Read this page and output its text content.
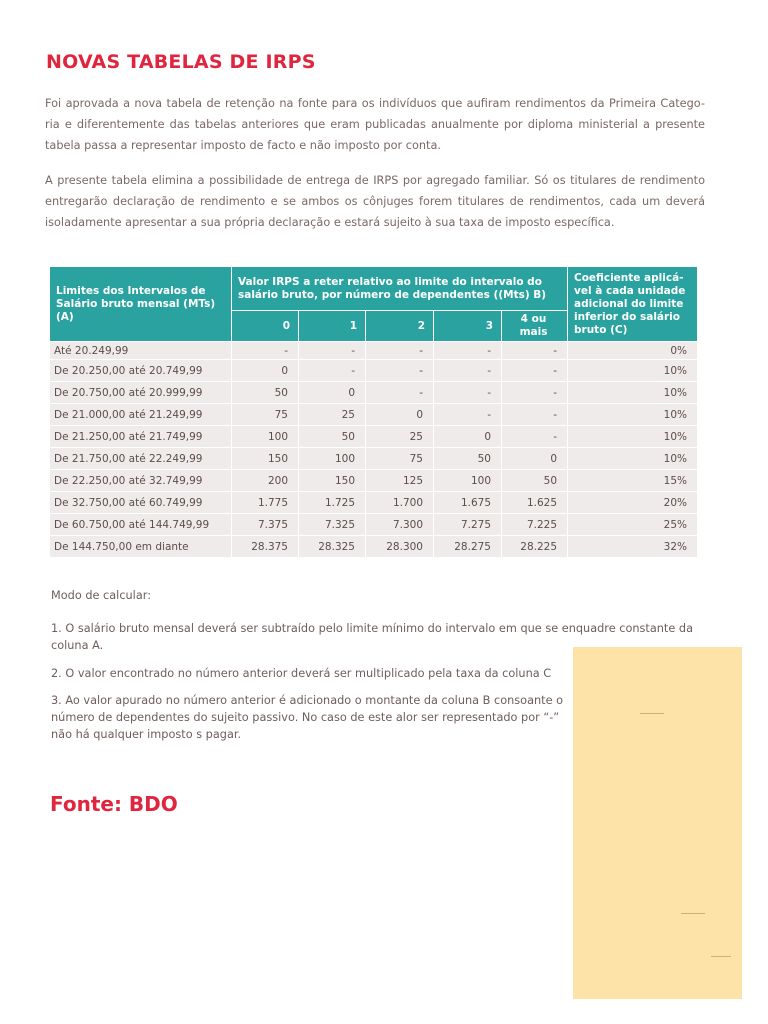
NOVAS TABELAS DE IRPS

Foi aprovada a nova tabela de retenção na fonte para os indivíduos que aufiram rendimentos da Primeira Catego-ria e diferentemente das tabelas anteriores que eram publicadas anualmente por diploma ministerial a presente tabela passa a representar imposto de facto e não imposto por conta.

A presente tabela elimina a possibilidade de entrega de IRPS por agregado familiar. Só os titulares de rendimento entregarão declaração de rendimento e se ambos os cônjuges forem titulares de rendimentos, cada um deverá isoladamente apresentar a sua própria declaração e estará sujeito à sua taxa de imposto específica.

Limites dos Intervalos de Salário bruto mensal (MTs) (A)	Valor IRPS a reter relativo ao limite do intervalo do salário bruto, por número de dependentes ((Mts) B)					Coeficiente aplicá-vel à cada unidade adicional do limite inferior do salário bruto (C)
	0	1	2	3	4 ou mais	
Até 20.249,99	-	-	-	-	-	0%
De 20.250,00 até 20.749,99	0	-	-	-	-	10%
De 20.750,00 até 20.999,99	50	0	-	-	-	10%
De 21.000,00 até 21.249,99	75	25	0	-	-	10%
De 21.250,00 até 21.749,99	100	50	25	0	-	10%
De 21.750,00 até 22.249,99	150	100	75	50	0	10%
De 22.250,00 até 32.749,99	200	150	125	100	50	15%
De 32.750,00 até 60.749,99	1.775	1.725	1.700	1.675	1.625	20%
De 60.750,00 até 144.749,99	7.375	7.325	7.300	7.275	7.225	25%
De 144.750,00 em diante	28.375	28.325	28.300	28.275	28.225	32%

Modo de calcular:

1. O salário bruto mensal deverá ser subtraído pelo limite mínimo do intervalo em que se enquadre constante da coluna A.

2. O valor encontrado no número anterior deverá ser multiplicado pela taxa da coluna C

3. Ao valor apurado no número anterior é adicionado o montante da coluna B consoante o número de dependentes do sujeito passivo. No caso de este alor ser representado por “-” não há qualquer imposto s pagar.

Fonte: BDO
